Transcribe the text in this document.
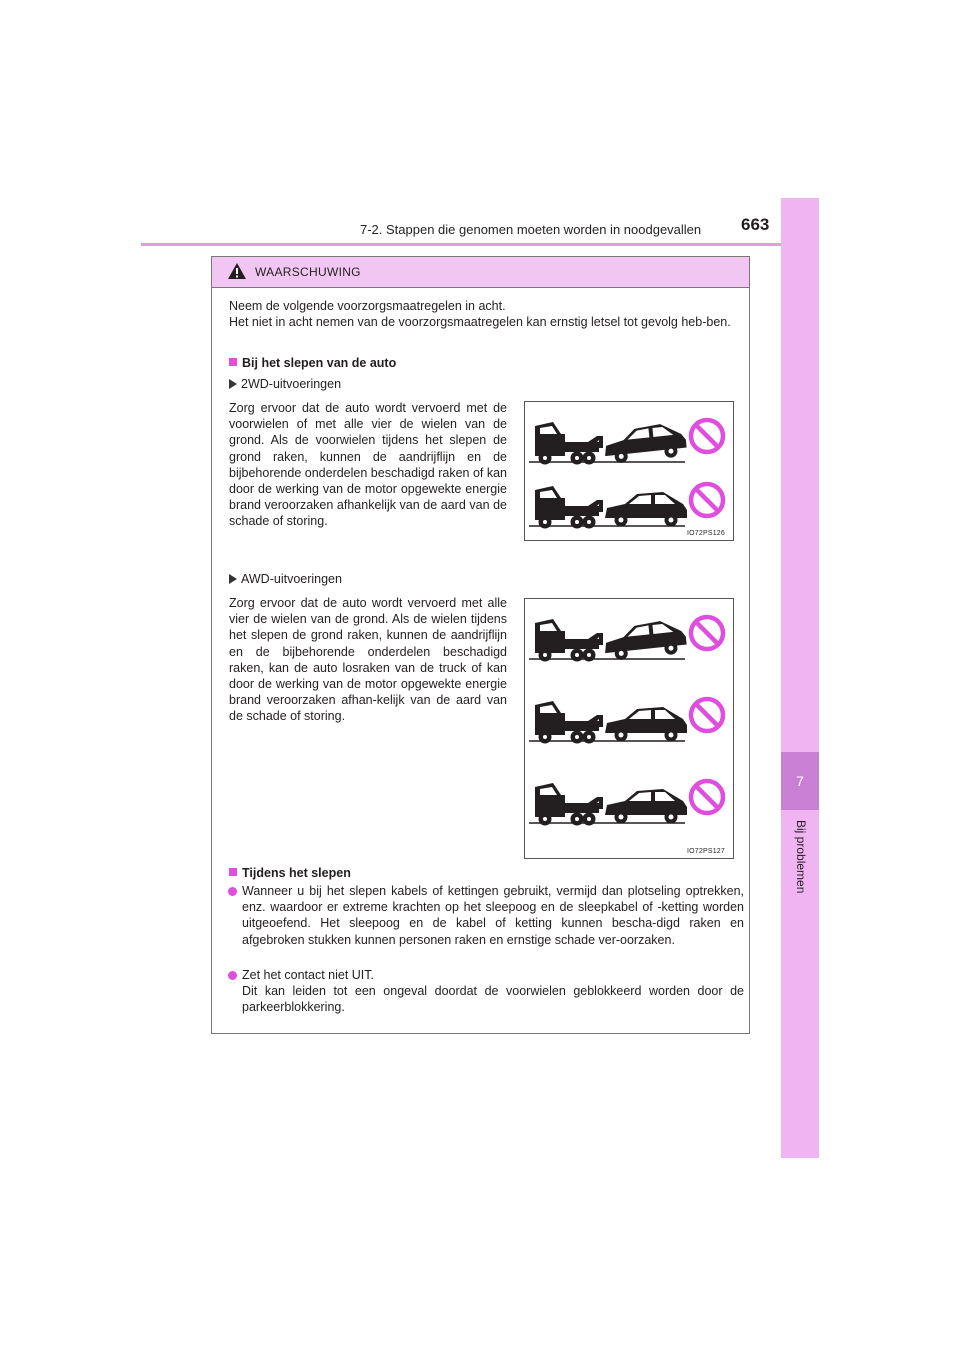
7-2. Stappen die genomen moeten worden in noodgevallen 663
7
Bij problemen
WAARSCHUWING
Neem de volgende voorzorgsmaatregelen in acht.
Het niet in acht nemen van de voorzorgsmaatregelen kan ernstig letsel tot gevolg heb-ben.
Bij het slepen van de auto
2WD-uitvoeringen
Zorg ervoor dat de auto wordt vervoerd met de voorwielen of met alle vier de wielen van de grond. Als de voorwielen tijdens het slepen de grond raken, kunnen de aandrijflijn en de bijbehorende onderdelen beschadigd raken of kan door de werking van de motor opgewekte energie brand veroorzaken afhankelijk van de aard van de schade of storing.
IO72PS126
AWD-uitvoeringen
Zorg ervoor dat de auto wordt vervoerd met alle vier de wielen van de grond. Als de wielen tijdens het slepen de grond raken, kunnen de aandrijflijn en de bijbehorende onderdelen beschadigd raken, kan de auto losraken van de truck of kan door de werking van de motor opgewekte energie brand veroorzaken afhan-kelijk van de aard van de schade of storing.
IO72PS127
Tijdens het slepen
Wanneer u bij het slepen kabels of kettingen gebruikt, vermijd dan plotseling optrekken, enz. waardoor er extreme krachten op het sleepoog en de sleepkabel of -ketting worden uitgeoefend. Het sleepoog en de kabel of ketting kunnen bescha-digd raken en afgebroken stukken kunnen personen raken en ernstige schade ver-oorzaken.
Zet het contact niet UIT.
Dit kan leiden tot een ongeval doordat de voorwielen geblokkeerd worden door de parkeerblokkering.
